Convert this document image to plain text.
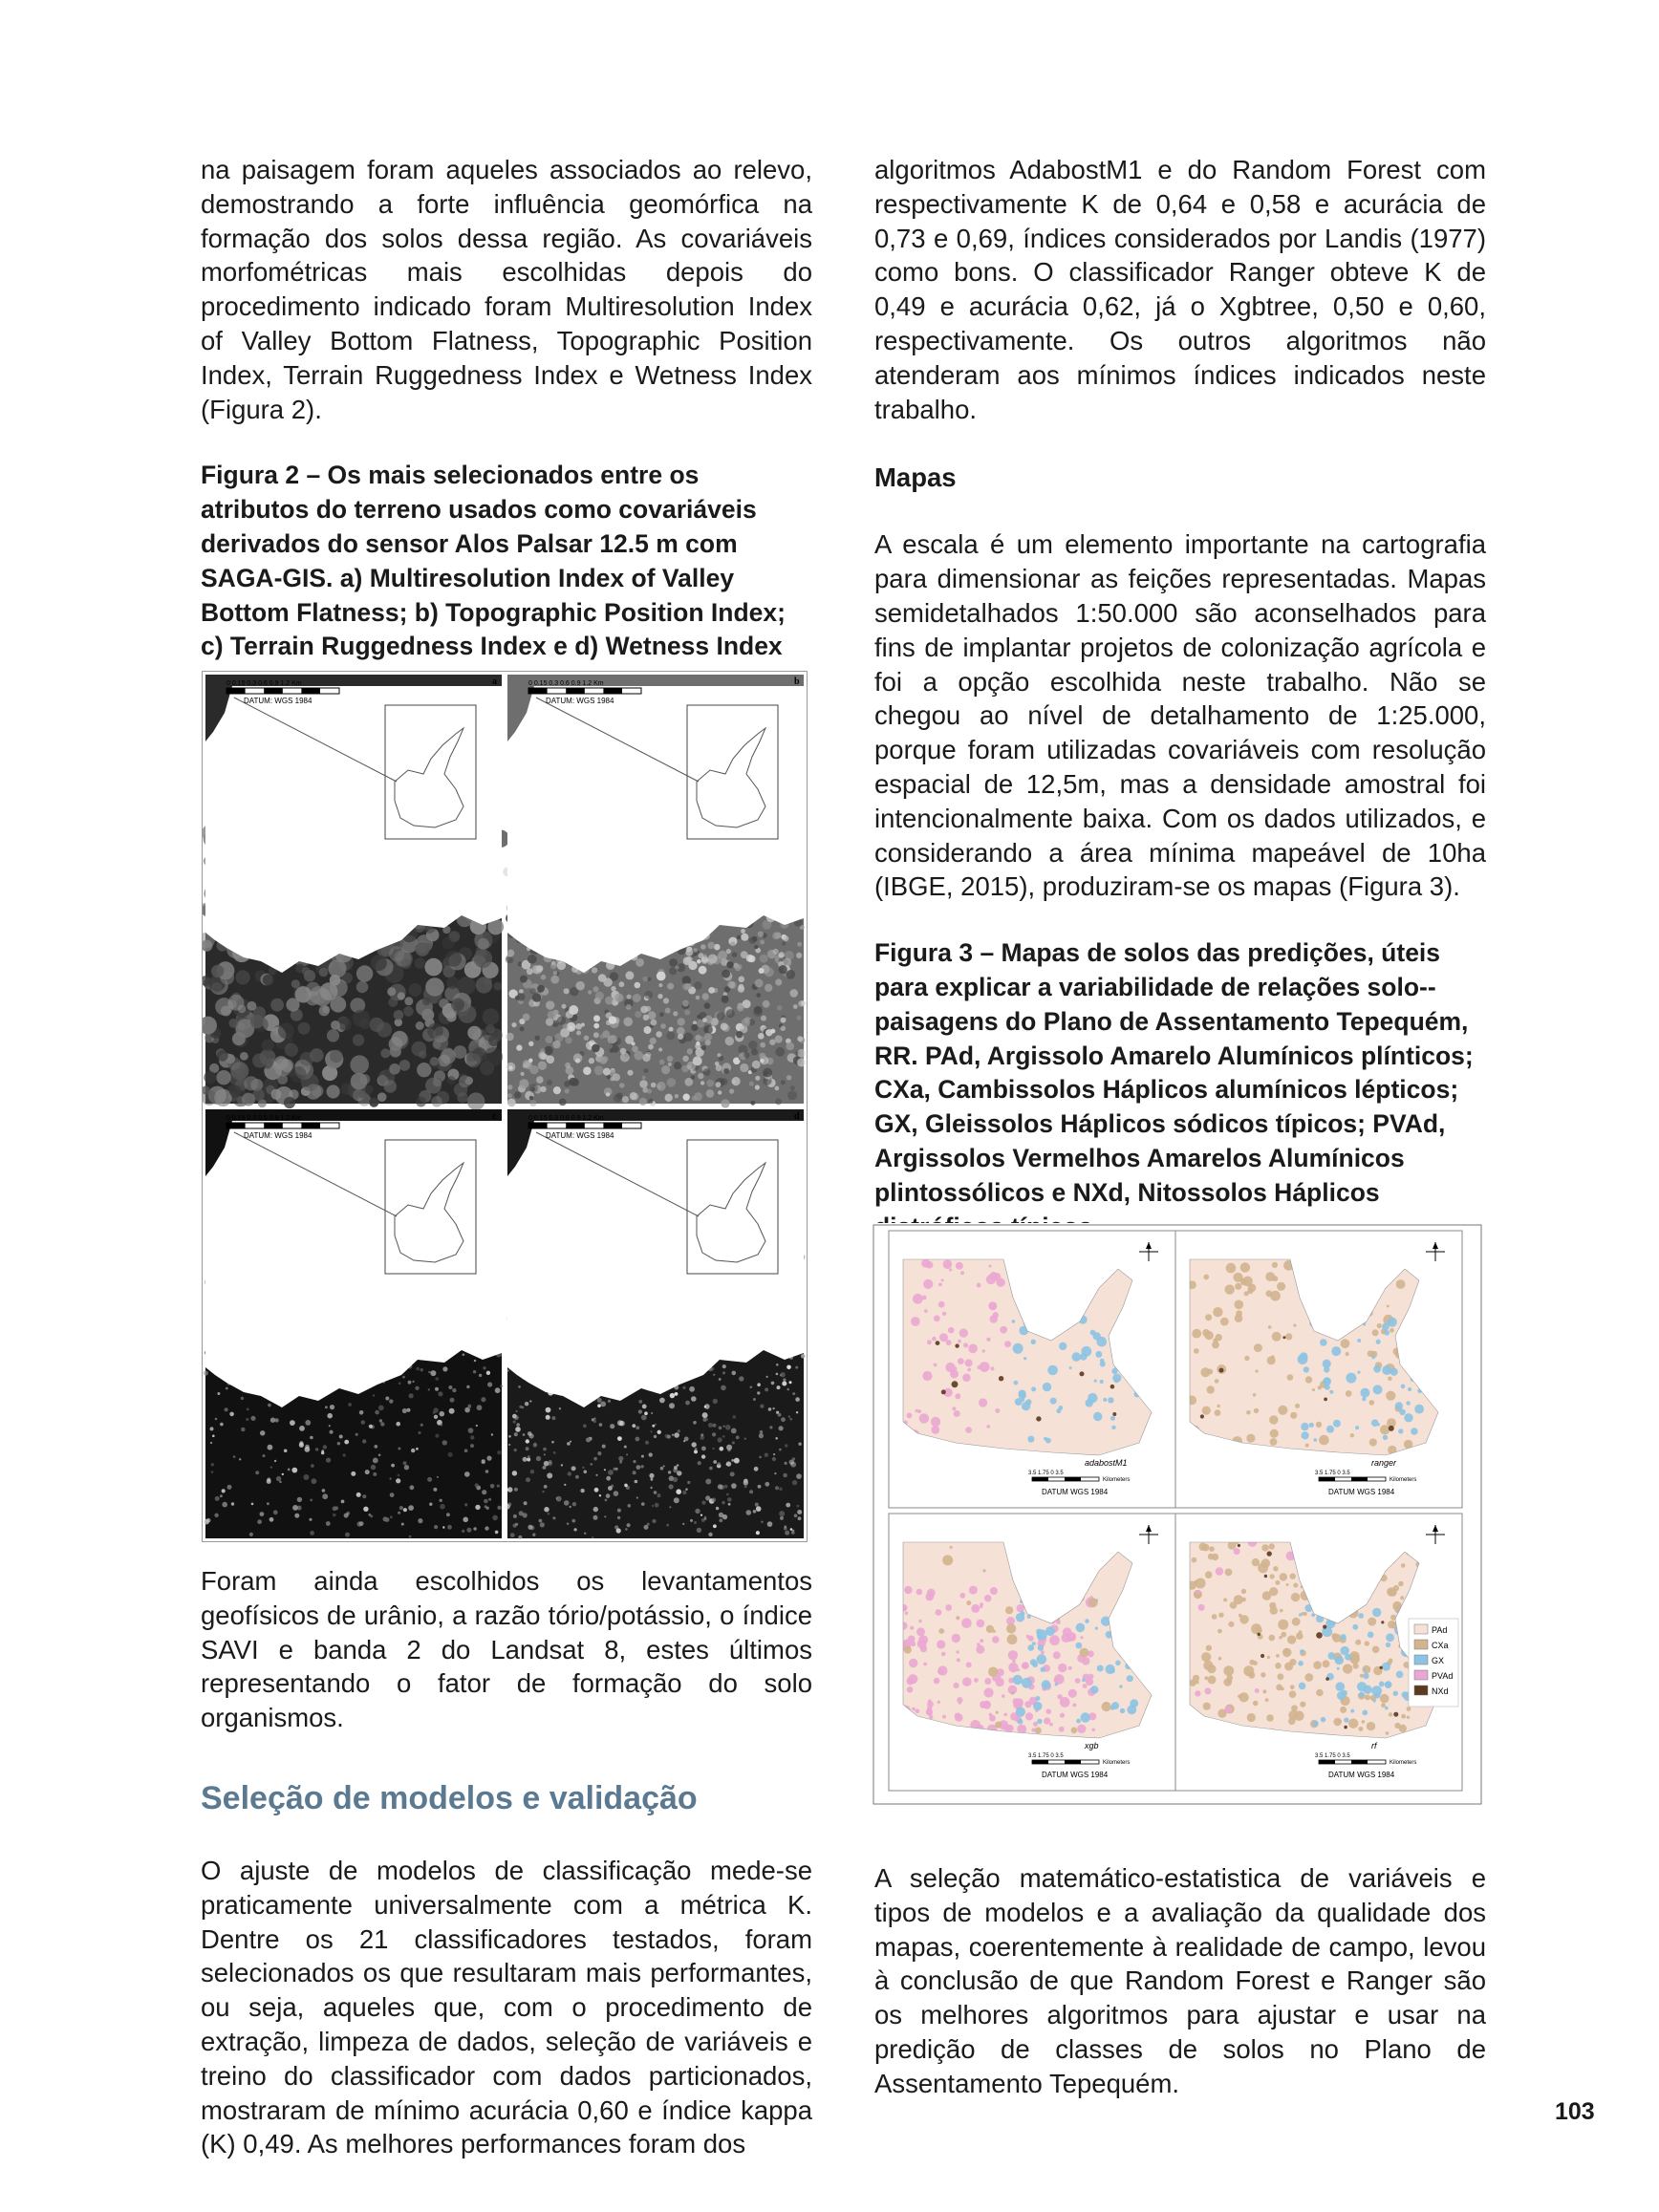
na paisagem foram aqueles associados ao relevo, demostrando a forte influência geomórfica na formação dos solos dessa região. As covariáveis morfométricas mais escolhidas depois do procedimento indicado foram Multiresolution Index of Valley Bottom Flatness, Topographic Position Index, Terrain Ruggedness Index e Wetness Index (Figura 2).

Figura 2 – Os mais selecionados entre os atributos do terreno usados como covariáveis derivados do sensor Alos Palsar 12.5 m com SAGA-GIS. a) Multiresolution Index of Valley Bottom Flatness; b) Topographic Position Index; c) Terrain Ruggedness Index e d) Wetness Index

0 0.15 0.3 0.6 0.9 1.2 Km
DATUM: WGS 1984
a	0 0.15 0.3 0.6 0.9 1.2 Km
DATUM: WGS 1984
b
0 0.15 0.3 0.6 0.9 1.2 Km
DATUM: WGS 1984
c	0 0.15 0.3 0.6 0.9 1.2 Km
DATUM: WGS 1984
d

Foram ainda escolhidos os levantamentos geofísicos de urânio, a razão tório/potássio, o índice SAVI e banda 2 do Landsat 8, estes últimos representando o fator de formação do solo organismos.

Seleção de modelos e validação

O ajuste de modelos de classificação mede-se praticamente universalmente com a métrica K. Dentre os 21 classificadores testados, foram selecionados os que resultaram mais performantes, ou seja, aqueles que, com o procedimento de extração, limpeza de dados, seleção de variáveis e treino do classificador com dados particionados, mostraram de mínimo acurácia 0,60 e índice kappa (K) 0,49. As melhores performances foram dos

algoritmos AdabostM1 e do Random Forest com respectivamente K de 0,64 e 0,58 e acurácia de 0,73 e 0,69, índices considerados por Landis (1977) como bons. O classificador Ranger obteve K de 0,49 e acurácia 0,62, já o Xgbtree, 0,50 e 0,60, respectivamente. Os outros algoritmos não atenderam aos mínimos índices indicados neste trabalho.

Mapas

A escala é um elemento importante na cartografia para dimensionar as feições representadas. Mapas semidetalhados 1:50.000 são aconselhados para fins de implantar projetos de colonização agrícola e foi a opção escolhida neste trabalho. Não se chegou ao nível de detalhamento de 1:25.000, porque foram utilizadas covariáveis com resolução espacial de 12,5m, mas a densidade amostral foi intencionalmente baixa. Com os dados utilizados, e considerando a área mínima mapeável de 10ha (IBGE, 2015), produziram-se os mapas (Figura 3).

Figura 3 – Mapas de solos das predições, úteis para explicar a variabilidade de relações solo--paisagens do Plano de Assentamento Tepequém, RR. PAd, Argissolo Amarelo Alumínicos plínticos; CXa, Cambissolos Háplicos alumínicos lépticos; GX, Gleissolos Háplicos sódicos típicos; PVAd, Argissolos Vermelhos Amarelos Alumínicos plintossólicos e NXd, Nitossolos Háplicos

adabostM1
3.5 1.75 0 3.5
Kilometers
DATUM WGS 1984
ranger
3.5 1.75 0 3.5
Kilometers
DATUM WGS 1984
xgb
3.5 1.75 0 3.5
Kilometers
DATUM WGS 1984
rf
3.5 1.75 0 3.5
Kilometers
DATUM WGS 1984
PAd
CXa
GX
PVAd
NXd

A seleção matemático-estatistica de variáveis e tipos de modelos e a avaliação da qualidade dos mapas, coerentemente à realidade de campo, levou à conclusão de que Random Forest e Ranger são os melhores algoritmos para ajustar e usar na predição de classes de solos no Plano de Assentamento Tepequém.

103
